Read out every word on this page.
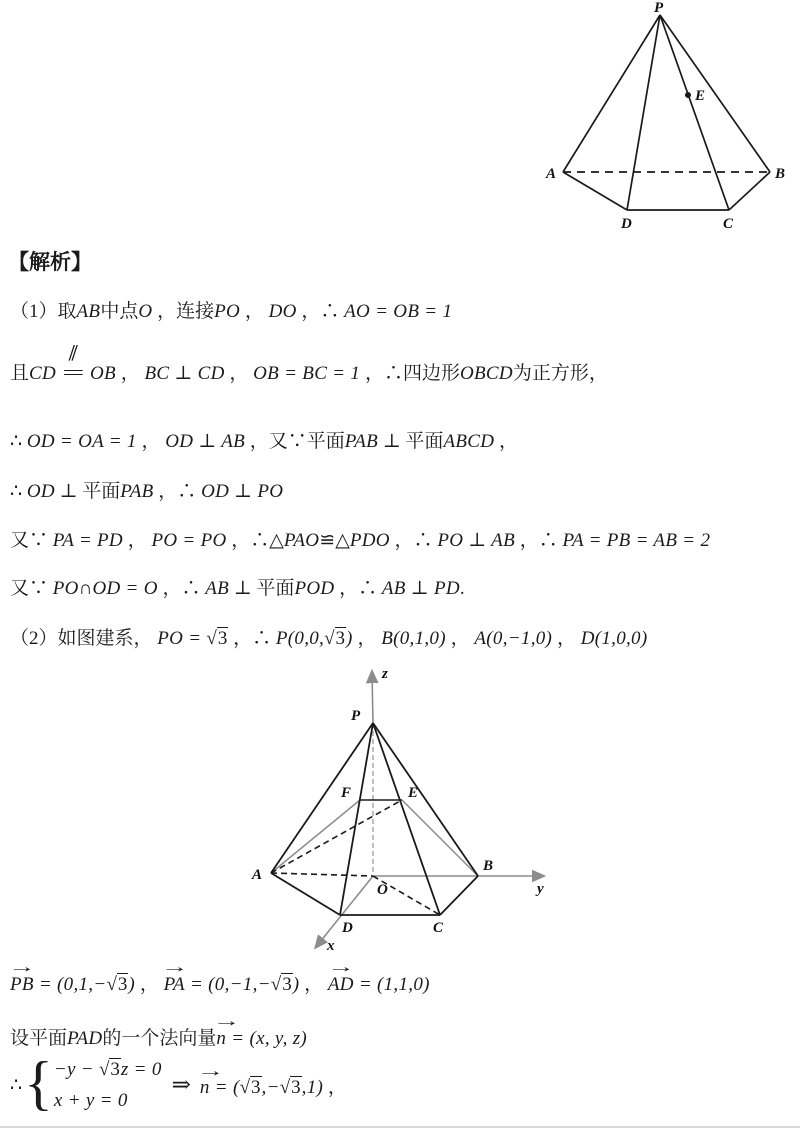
P
E
A	B
D	C
【解析】
（1）取AB中点O ，连接PO ， DO ，∴ AO = OB = 1
且CD
∥
= OB ， BC ⊥ CD ， OB = BC = 1 ，∴四边形OBCD为正方形，
∴ OD = OA = 1 ， OD ⊥ AB ，又∵平面PAB ⊥ 平面ABCD ，
∴ OD ⊥ 平面PAB ，∴ OD ⊥ PO
又∵ PA = PD ， PO = PO ，∴△PAO≌△PDO ，∴ PO ⊥ AB ，∴ PA = PB = AB = 2
又∵ PO∩OD = O ，∴ AB ⊥ 平面POD ，∴ AB ⊥ PD.
（2）如图建系， PO = √3 ，∴ P(0,0,√3) ， B(0,1,0) ， A(0,−1,0) ， D(1,0,0)
z
y
x
P
F	E
A
O
B
D	C
→
PB = (0,1,−√3) ，
→
PA = (0,−1,−√3) ，
→
AD = (1,1,0)
设平面PAD的一个法向量
→
n = (x, y, z)
∴ { −y − √3z = 0
x + y = 0
⇒
→
n = (√3,−√3,1) ，
